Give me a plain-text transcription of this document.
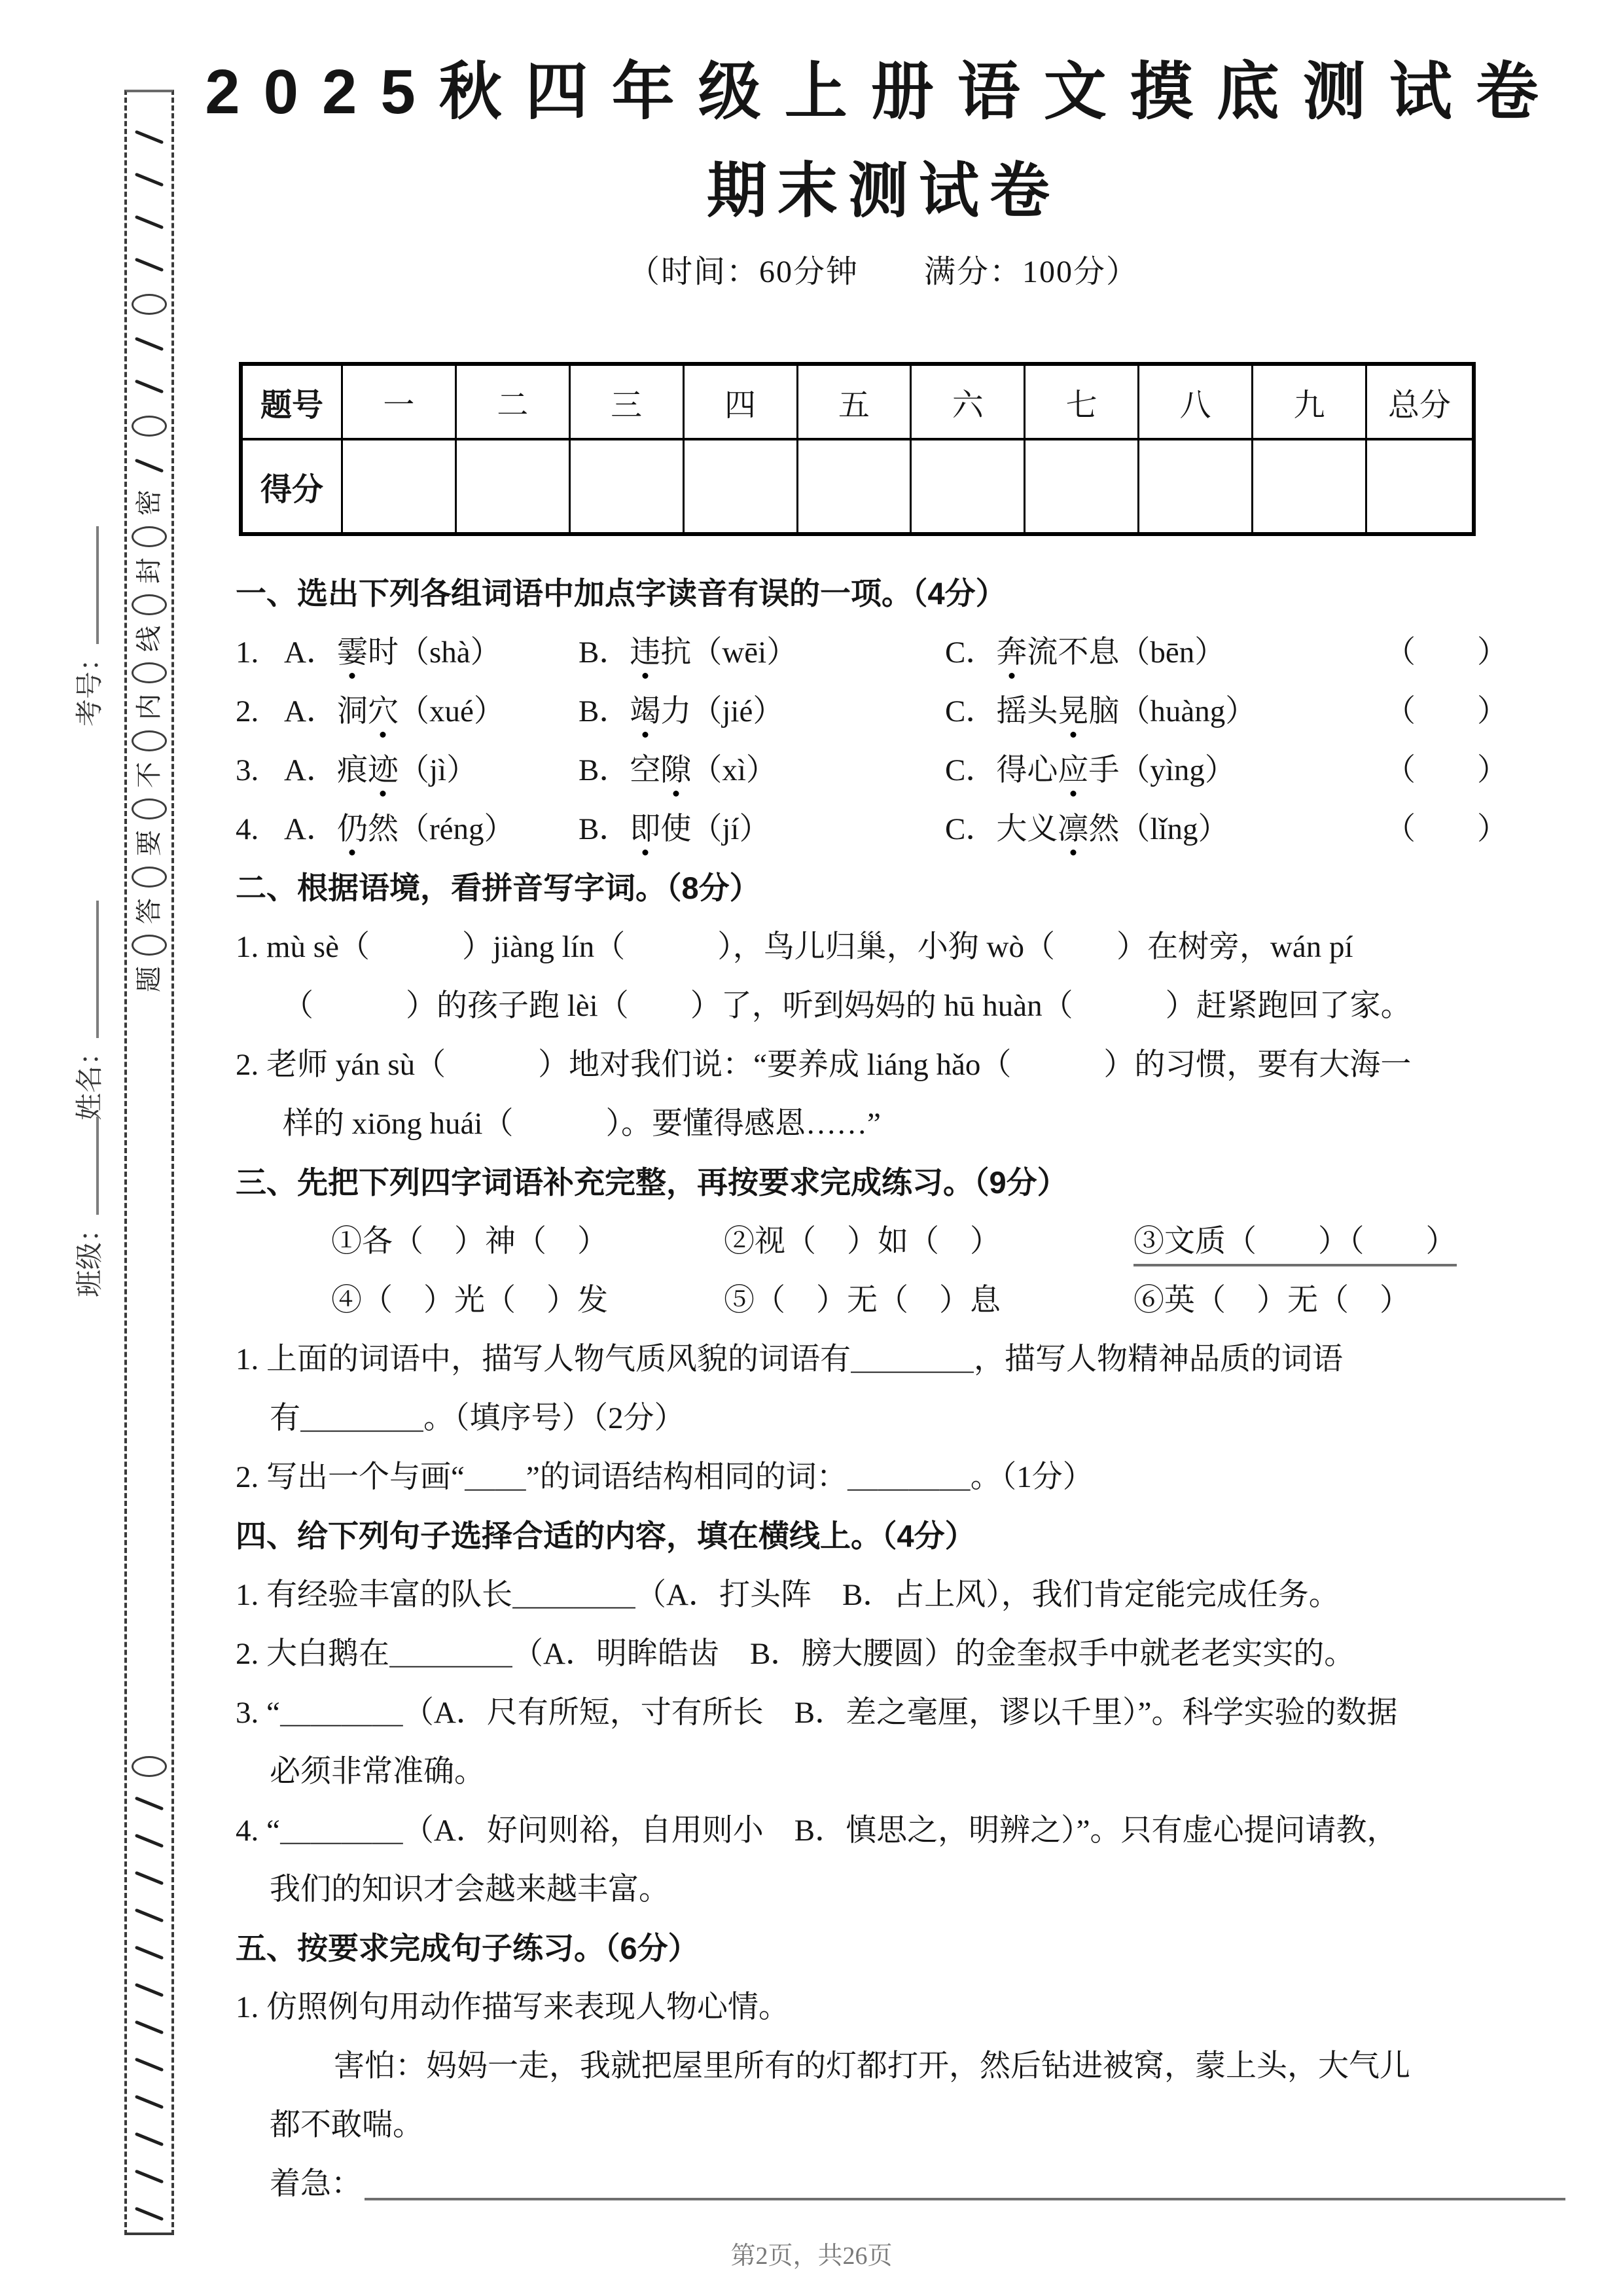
密
封
线
内
不
要
答
题
考号：
姓名：
班级：
2025秋四年级上册语文摸底测试卷
期末测试卷
（时间：60分钟　　满分：100分）
题号	一	二	三	四	五	六	七	八	九	总分
得分										
一、选出下列各组词语中加点字读音有误的一项。（4分）
1. A．霎时（shà）	B．违抗（wēi）	C．奔流不息（bēn）	（　　）
2. A．洞穴（xué）	B．竭力（jié）	C．摇头晃脑（huàng）	（　　）
3. A．痕迹（jì）	B．空隙（xì）	C．得心应手（yìng）	（　　）
4. A．仍然（réng）	B．即使（jí）	C．大义凛然（lǐng）	（　　）
二、根据语境，看拼音写字词。（8分）
1. mù sè（　　　）jiàng lín（　　　），鸟儿归巢，小狗 wò（　　）在树旁，wán pí
（　　　）的孩子跑 lèi（　　）了，听到妈妈的 hū huàn（　　　）赶紧跑回了家。
2. 老师 yán sù（　　　）地对我们说：“要养成 liáng hǎo（　　　）的习惯，要有大海一
样的 xiōng huái（　　　）。要懂得感恩……”
三、先把下列四字词语补充完整，再按要求完成练习。（9分）
①各（　）神（　）	②视（　）如（　）	③文质（　　）（　　）
④（　）光（　）发	⑤（　）无（　）息	⑥英（　）无（　）
1. 上面的词语中，描写人物气质风貌的词语有＿＿＿＿，描写人物精神品质的词语
有＿＿＿＿。（填序号）（2分）
2. 写出一个与画“＿＿”的词语结构相同的词：＿＿＿＿。（1分）
四、给下列句子选择合适的内容，填在横线上。（4分）
1. 有经验丰富的队长＿＿＿＿（A．打头阵　B．占上风），我们肯定能完成任务。
2. 大白鹅在＿＿＿＿（A．明眸皓齿　B．膀大腰圆）的金奎叔手中就老老实实的。
3. “＿＿＿＿（A．尺有所短，寸有所长　B．差之毫厘，谬以千里）”。科学实验的数据
必须非常准确。
4. “＿＿＿＿（A．好问则裕，自用则小　B．慎思之，明辨之）”。只有虚心提问请教，
我们的知识才会越来越丰富。
五、按要求完成句子练习。（6分）
1. 仿照例句用动作描写来表现人物心情。
害怕：妈妈一走，我就把屋里所有的灯都打开，然后钻进被窝，蒙上头，大气儿
都不敢喘。
着急：
第2页，共26页
